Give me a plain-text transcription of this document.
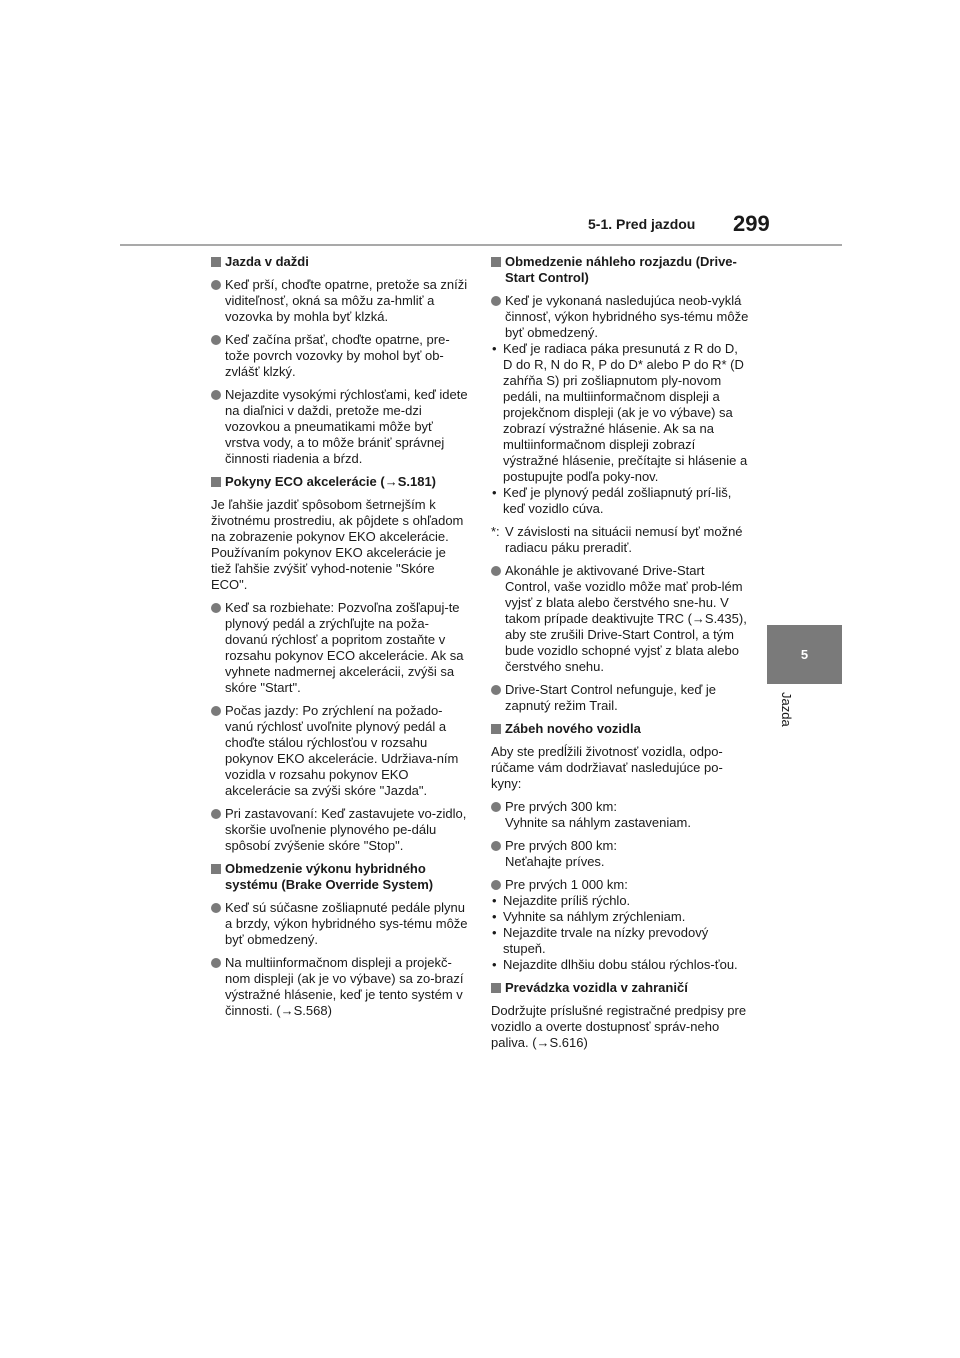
5-1. Pred jazdou 299
5
Jazda
Jazda v daždi
Keď prší, choďte opatrne, pretože sa zníži viditeľnosť, okná sa môžu za-hmliť a vozovka by mohla byť klzká.
Keď začína pršať, choďte opatrne, pre-tože povrch vozovky by mohol byť ob-zvlášť klzký.
Nejazdite vysokými rýchlosťami, keď idete na diaľnici v daždi, pretože me-dzi vozovkou a pneumatikami môže byť vrstva vody, a to môže brániť správnej činnosti riadenia a bŕzd.
Pokyny ECO akcelerácie (→S.181)
Je ľahšie jazdiť spôsobom šetrnejším k životnému prostrediu, ak pôjdete s ohľadom na zobrazenie pokynov EKO akcelerácie. Používaním pokynov EKO akcelerácie je tiež ľahšie zvýšiť vyhod-notenie "Skóre ECO".
Keď sa rozbiehate: Pozvoľna zošľapuj-te plynový pedál a zrýchľujte na poža-dovanú rýchlosť a popritom zostaňte v rozsahu pokynov ECO akcelerácie. Ak sa vyhnete nadmernej akcelerácii, zvýši sa skóre "Start".
Počas jazdy: Po zrýchlení na požado-vanú rýchlosť uvoľnite plynový pedál a choďte stálou rýchlosťou v rozsahu pokynov EKO akcelerácie. Udržiava-ním vozidla v rozsahu pokynov EKO akcelerácie sa zvýši skóre "Jazda".
Pri zastavovaní: Keď zastavujete vo-zidlo, skoršie uvoľnenie plynového pe-dálu spôsobí zvýšenie skóre "Stop".
Obmedzenie výkonu hybridného systému (Brake Override System)
Keď sú súčasne zošliapnuté pedále plynu a brzdy, výkon hybridného sys-tému môže byť obmedzený.
Na multiinformačnom displeji a projekč-nom displeji (ak je vo výbave) sa zo-brazí výstražné hlásenie, keď je tento systém v činnosti. (→S.568)
Obmedzenie náhleho rozjazdu (Drive-Start Control)
Keď je vykonaná nasledujúca neob-vyklá činnosť, výkon hybridného sys-tému môže byť obmedzený.
• Keď je radiaca páka presunutá z R do D, D do R, N do R, P do D* alebo P do R* (D zahŕňa S) pri zošliapnutom ply-novom pedáli, na multiinformačnom displeji a projekčnom displeji (ak je vo výbave) sa zobrazí výstražné hlásenie. Ak sa na multiinformačnom displeji zobrazí výstražné hlásenie, prečítajte si hlásenie a postupujte podľa poky-nov.
• Keď je plynový pedál zošliapnutý prí-liš, keď vozidlo cúva.
*: V závislosti na situácii nemusí byť možné radiacu páku preradiť.
Akonáhle je aktivované Drive-Start Control, vaše vozidlo môže mať prob-lém vyjsť z blata alebo čerstvého sne-hu. V takom prípade deaktivujte TRC (→S.435), aby ste zrušili Drive-Start Control, a tým bude vozidlo schopné vyjsť z blata alebo čerstvého snehu.
Drive-Start Control nefunguje, keď je zapnutý režim Trail.
Zábeh nového vozidla
Aby ste predĺžili životnosť vozidla, odpo-rúčame vám dodržiavať nasledujúce po-kyny:
Pre prvých 300 km:
Vyhnite sa náhlym zastaveniam.
Pre prvých 800 km:
Neťahajte príves.
Pre prvých 1 000 km:
• Nejazdite príliš rýchlo.
• Vyhnite sa náhlym zrýchleniam.
• Nejazdite trvale na nízky prevodový stupeň.
• Nejazdite dlhšiu dobu stálou rýchlos-ťou.
Prevádzka vozidla v zahraničí
Dodržujte príslušné registračné predpisy pre vozidlo a overte dostupnosť správ-neho paliva. (→S.616)
